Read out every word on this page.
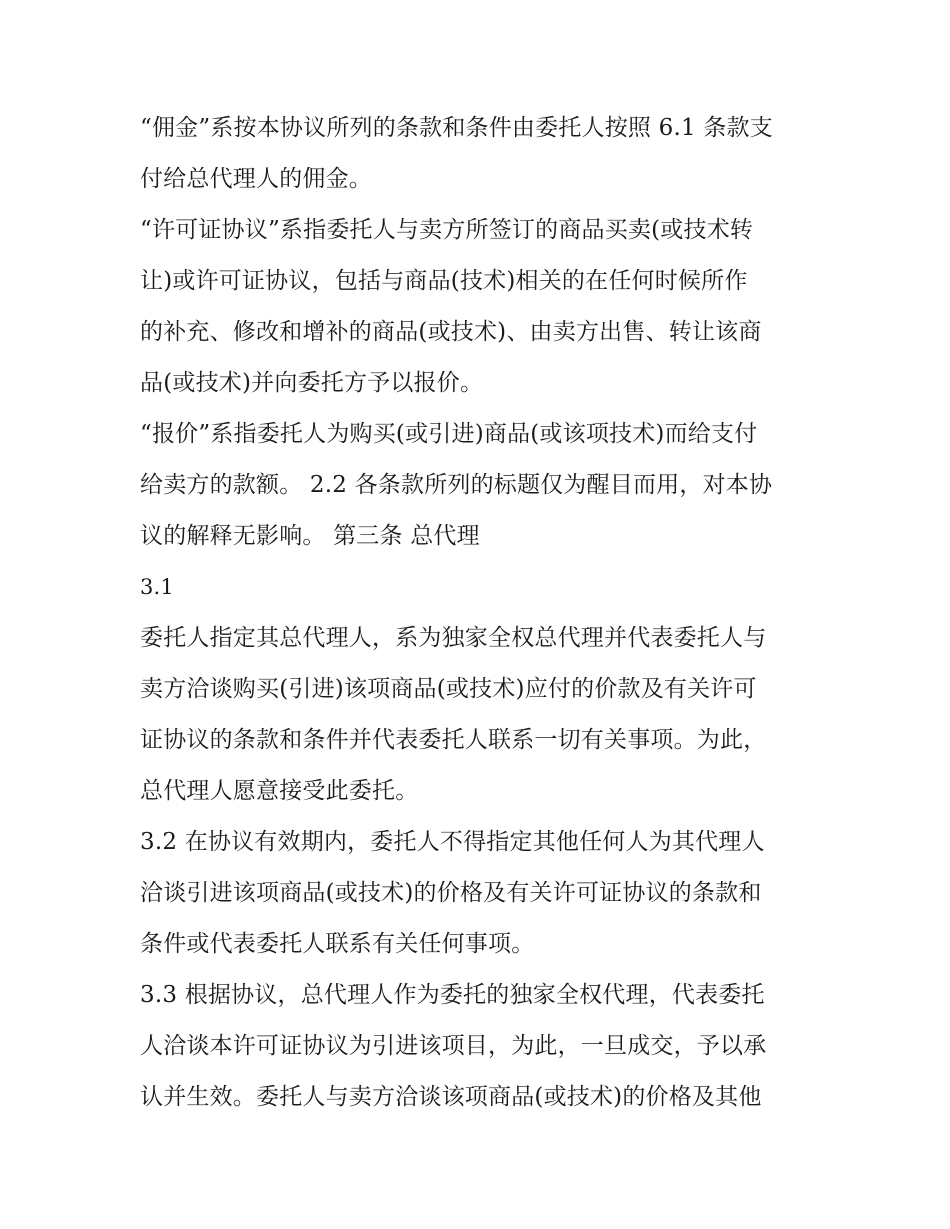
“佣金”系按本协议所列的条款和条件由委托人按照 6.1 条款支
付给总代理人的佣金。
“许可证协议”系指委托人与卖方所签订的商品买卖(或技术转
让)或许可证协议，包括与商品(技术)相关的在任何时候所作
的补充、修改和增补的商品(或技术)、由卖方出售、转让该商
品(或技术)并向委托方予以报价。
“报价”系指委托人为购买(或引进)商品(或该项技术)而给支付
给卖方的款额。 2.2 各条款所列的标题仅为醒目而用，对本协
议的解释无影响。 第三条 总代理
3.1
委托人指定其总代理人，系为独家全权总代理并代表委托人与
卖方洽谈购买(引进)该项商品(或技术)应付的价款及有关许可
证协议的条款和条件并代表委托人联系一切有关事项。为此，
总代理人愿意接受此委托。
3.2 在协议有效期内，委托人不得指定其他任何人为其代理人
洽谈引进该项商品(或技术)的价格及有关许可证协议的条款和
条件或代表委托人联系有关任何事项。
3.3 根据协议，总代理人作为委托的独家全权代理，代表委托
人洽谈本许可证协议为引进该项目，为此，一旦成交，予以承
认并生效。委托人与卖方洽谈该项商品(或技术)的价格及其他
